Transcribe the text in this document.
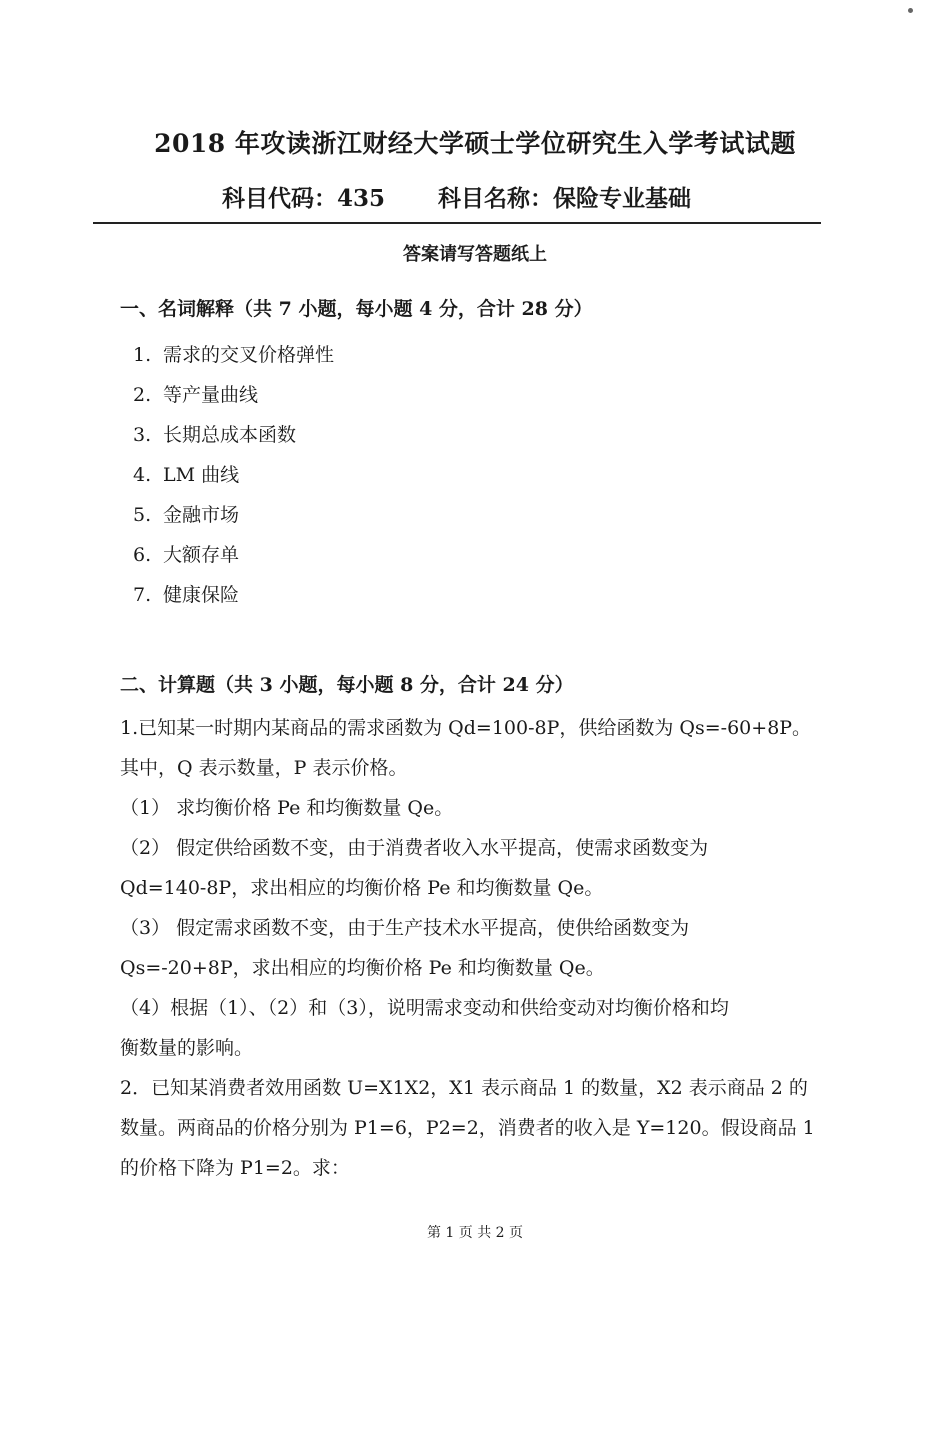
2018 年攻读浙江财经大学硕士学位研究生入学考试试题
科目代码：435 科目名称：保险专业基础
答案请写答题纸上
一、名词解释（共 7 小题，每小题 4 分，合计 28 分）
1. 需求的交叉价格弹性
2. 等产量曲线
3. 长期总成本函数
4. LM 曲线
5. 金融市场
6. 大额存单
7. 健康保险
二、计算题（共 3 小题，每小题 8 分，合计 24 分）
1.已知某一时期内某商品的需求函数为 Qd=100-8P，供给函数为 Qs=-60+8P。
其中，Q 表示数量，P 表示价格。
（1） 求均衡价格 Pe 和均衡数量 Qe。
（2） 假定供给函数不变，由于消费者收入水平提高，使需求函数变为
Qd=140-8P，求出相应的均衡价格 Pe 和均衡数量 Qe。
（3） 假定需求函数不变，由于生产技术水平提高，使供给函数变为
Qs=-20+8P，求出相应的均衡价格 Pe 和均衡数量 Qe。
（4）根据（1）、（2）和（3），说明需求变动和供给变动对均衡价格和均
衡数量的影响。
2．已知某消费者效用函数 U=X1X2，X1 表示商品 1 的数量，X2 表示商品 2 的
数量。两商品的价格分别为 P1=6，P2=2，消费者的收入是 Y=120。假设商品 1
的价格下降为 P1=2。求：
第 1 页 共 2 页
